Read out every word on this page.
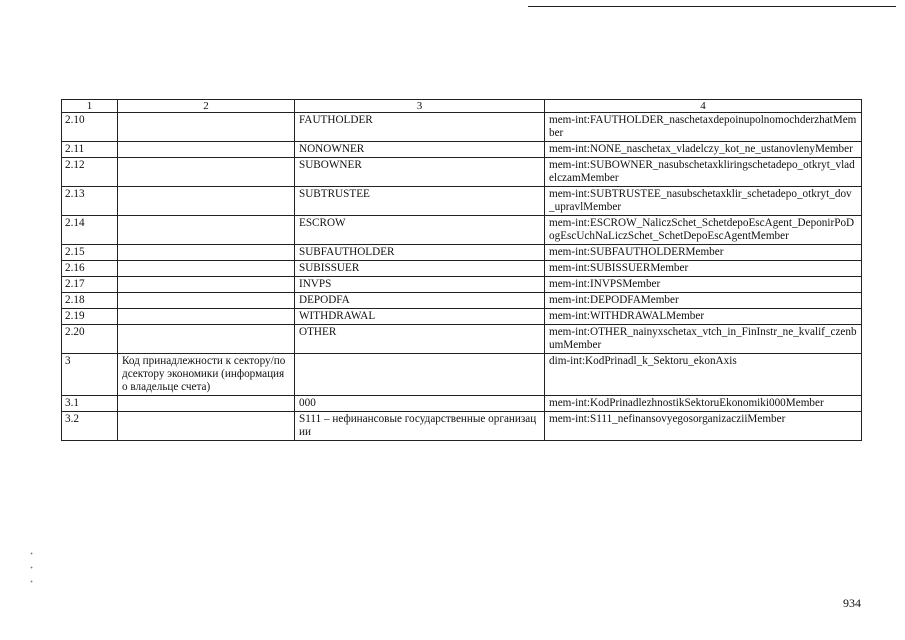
ꞏ
ꞏ
ꞏ
1	2	3	4
2.10		FAUTHOLDER	mem-int:FAUTHOLDER_naschetaxdepoinupolnomochderzhatMember
2.11		NONOWNER	mem-int:NONE_naschetax_vladelczy_kot_ne_ustanovlenyMember
2.12		SUBOWNER	mem-int:SUBOWNER_nasubschetaxkliringschetadepo_otkryt_vladelczamMember
2.13		SUBTRUSTEE	mem-int:SUBTRUSTEE_nasubschetaxklir_schetadepo_otkryt_dov_upravlMember
2.14		ESCROW	mem-int:ESCROW_NaliczSchet_SchetdepoEscAgent_DeponirPoDogEscUchNaLiczSchet_SchetDepoEscAgentMember
2.15		SUBFAUTHOLDER	mem-int:SUBFAUTHOLDERMember
2.16		SUBISSUER	mem-int:SUBISSUERMember
2.17		INVPS	mem-int:INVPSMember
2.18		DEPODFA	mem-int:DEPODFAMember
2.19		WITHDRAWAL	mem-int:WITHDRAWALMember
2.20		OTHER	mem-int:OTHER_nainyxschetax_vtch_in_FinInstr_ne_kvalif_czenbumMember
3	Код принадлежности к сектору/подсектору экономики (информация о владельце счета)		dim-int:KodPrinadl_k_Sektoru_ekonAxis
3.1		000	mem-int:KodPrinadlezhnostikSektoruEkonomiki000Member
3.2		S111 – нефинансовые государственные организации	mem-int:S111_nefinansovyegosorganizacziiMember
934
